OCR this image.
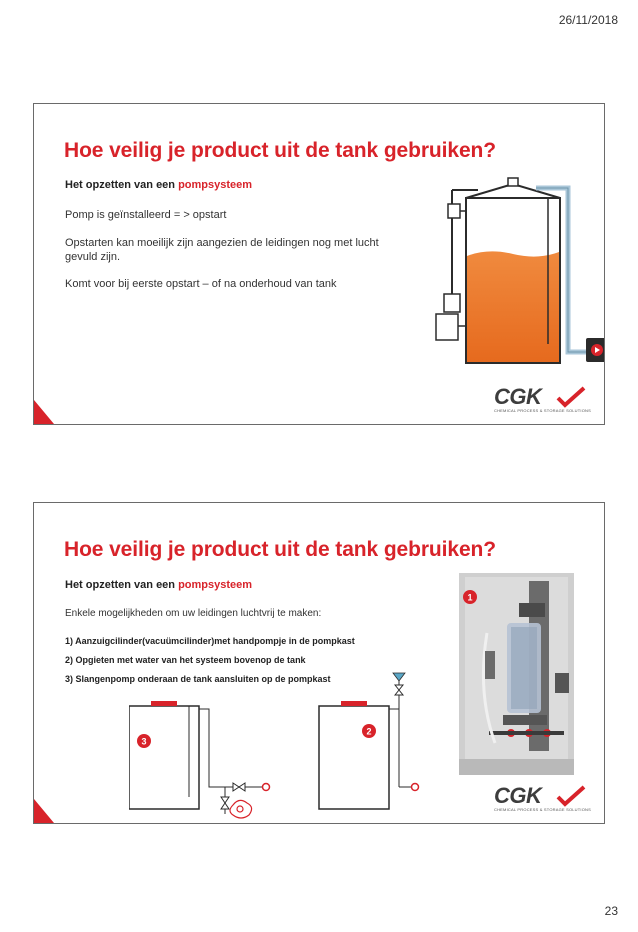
26/11/2018
Hoe veilig je product uit de tank gebruiken?
Het opzetten van een pompsysteem
Pomp is geïnstalleerd = > opstart
Opstarten kan moeilijk zijn aangezien de leidingen nog met lucht gevuld zijn.
Komt voor bij eerste opstart – of na onderhoud van tank
CGK
CHEMICAL PROCESS & STORAGE SOLUTIONS
Hoe veilig je product uit de tank gebruiken?
Het opzetten van een pompsysteem
Enkele mogelijkheden om uw leidingen luchtvrij te maken:
1) Aanzuigcilinder(vacuümcilinder)met handpompje in de pompkast
2) Opgieten met water van het systeem bovenop de tank
3) Slangenpomp onderaan de tank aansluiten op de pompkast
3
2
1
CGK
CHEMICAL PROCESS & STORAGE SOLUTIONS
23
